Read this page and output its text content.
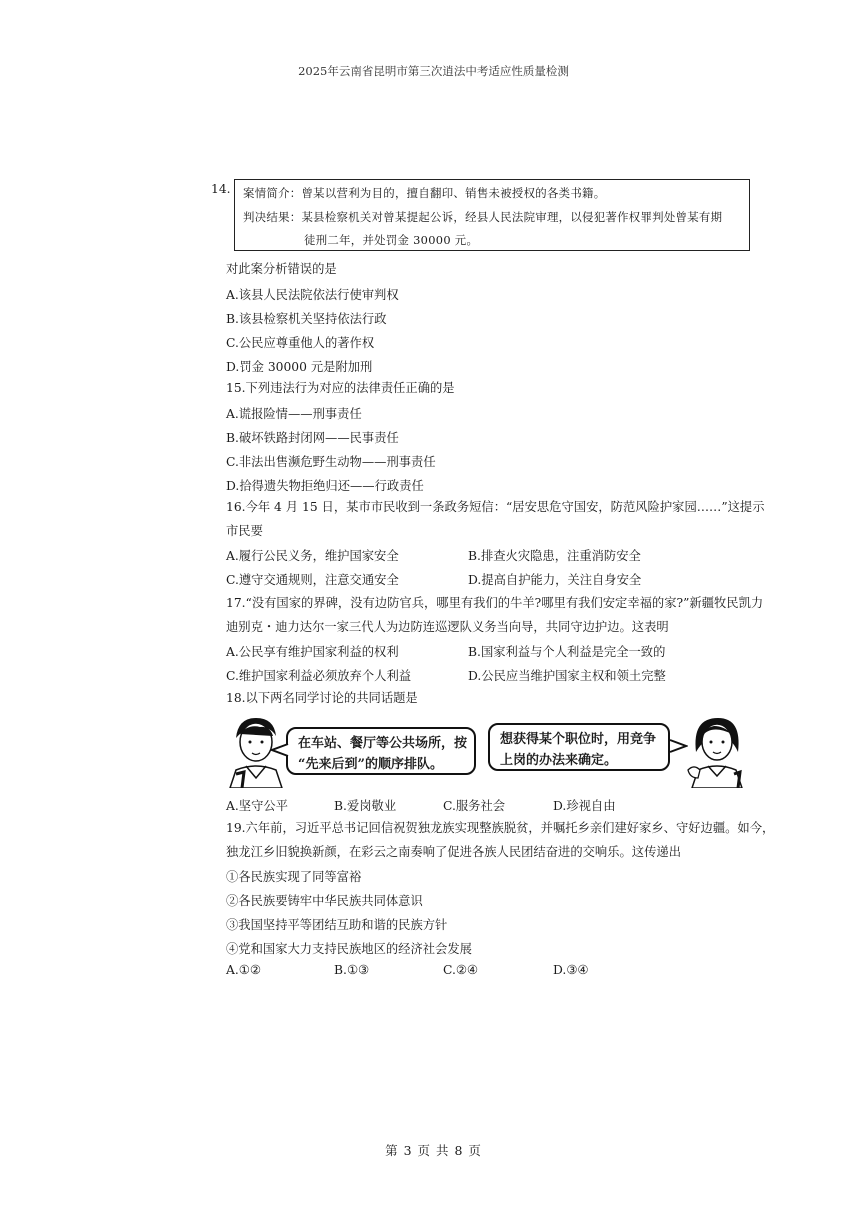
2025年云南省昆明市第三次逍法中考适应性质量检测
14. 案情简介：曾某以营利为目的，擅自翻印、销售未被授权的各类书籍。
判决结果：某县检察机关对曾某提起公诉，经县人民法院审理，以侵犯著作权罪判处曾某有期
徒刑二年，并处罚金 30000 元。
对此案分析错误的是
A.该县人民法院依法行使审判权
B.该县检察机关坚持依法行政
C.公民应尊重他人的著作权
D.罚金 30000 元是附加刑
15.下列违法行为对应的法律责任正确的是
A.谎报险情——刑事责任
B.破坏铁路封闭网——民事责任
C.非法出售濒危野生动物——刑事责任
D.拾得遗失物拒绝归还——行政责任
16.今年 4 月 15 日，某市市民收到一条政务短信：“居安思危守国安，防范风险护家园……”这提示
市民要
A.履行公民义务，维护国家安全	B.排查火灾隐患，注重消防安全
C.遵守交通规则，注意交通安全	D.提高自护能力，关注自身安全
17.“没有国家的界碑，没有边防官兵，哪里有我们的牛羊?哪里有我们安定幸福的家?”新疆牧民凯力
迪别克・迪力达尔一家三代人为边防连巡逻队义务当向导，共同守边护边。这表明
A.公民享有维护国家利益的权利	B.国家利益与个人利益是完全一致的
C.维护国家利益必须放弃个人利益	D.公民应当维护国家主权和领土完整
18.以下两名同学讨论的共同话题是
在车站、餐厅等公共场所，按
“先来后到”的顺序排队。
想获得某个职位时，用竞争
上岗的办法来确定。
A.坚守公平	B.爱岗敬业	C.服务社会	D.珍视自由
19.六年前，习近平总书记回信祝贺独龙族实现整族脱贫，并嘱托乡亲们建好家乡、守好边疆。如今，
独龙江乡旧貌换新颜，在彩云之南奏响了促进各族人民团结奋进的交响乐。这传递出
①各民族实现了同等富裕
②各民族要铸牢中华民族共同体意识
③我国坚持平等团结互助和谐的民族方针
④党和国家大力支持民族地区的经济社会发展
A.①②	B.①③	C.②④	D.③④
第 3 页 共 8 页
